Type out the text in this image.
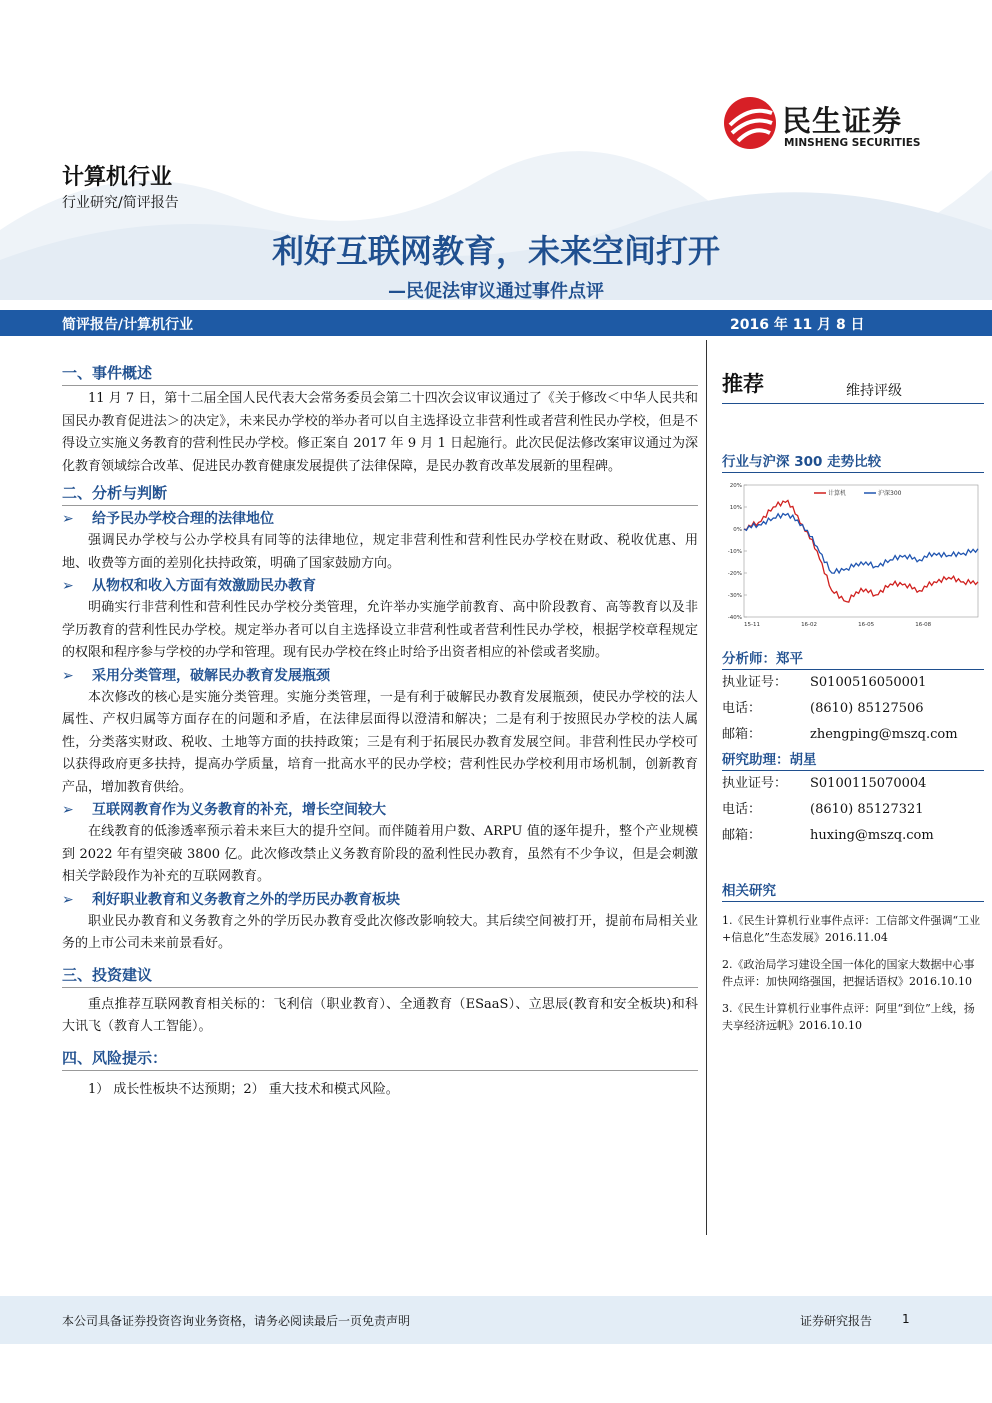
民生证券
MINSHENG SECURITIES
计算机行业
行业研究/简评报告
利好互联网教育，未来空间打开
—民促法审议通过事件点评
简评报告/计算机行业	2016 年 11 月 8 日
一、事件概述
11 月 7 日，第十二届全国人民代表大会常务委员会第二十四次会议审议通过了《关于修改＜中华人民共和国民办教育促进法＞的决定》，未来民办学校的举办者可以自主选择设立非营利性或者营利性民办学校，但是不得设立实施义务教育的营利性民办学校。修正案自 2017 年 9 月 1 日起施行。此次民促法修改案审议通过为深化教育领域综合改革、促进民办教育健康发展提供了法律保障，是民办教育改革发展新的里程碑。
二、分析与判断
➢ 给予民办学校合理的法律地位
强调民办学校与公办学校具有同等的法律地位，规定非营利性和营利性民办学校在财政、税收优惠、用地、收费等方面的差别化扶持政策，明确了国家鼓励方向。
➢ 从物权和收入方面有效激励民办教育
明确实行非营利性和营利性民办学校分类管理，允许举办实施学前教育、高中阶段教育、高等教育以及非学历教育的营利性民办学校。规定举办者可以自主选择设立非营利性或者营利性民办学校，根据学校章程规定的权限和程序参与学校的办学和管理。现有民办学校在终止时给予出资者相应的补偿或者奖励。
➢ 采用分类管理，破解民办教育发展瓶颈
本次修改的核心是实施分类管理。实施分类管理，一是有利于破解民办教育发展瓶颈，使民办学校的法人属性、产权归属等方面存在的问题和矛盾，在法律层面得以澄清和解决；二是有利于按照民办学校的法人属性，分类落实财政、税收、土地等方面的扶持政策；三是有利于拓展民办教育发展空间。非营利性民办学校可以获得政府更多扶持，提高办学质量，培育一批高水平的民办学校；营利性民办学校利用市场机制，创新教育产品，增加教育供给。
➢ 互联网教育作为义务教育的补充，增长空间较大
在线教育的低渗透率预示着未来巨大的提升空间。而伴随着用户数、ARPU 值的逐年提升，整个产业规模到 2022 年有望突破 3800 亿。此次修改禁止义务教育阶段的盈利性民办教育，虽然有不少争议，但是会刺激相关学龄段作为补充的互联网教育。
➢ 利好职业教育和义务教育之外的学历民办教育板块
职业民办教育和义务教育之外的学历民办教育受此次修改影响较大。其后续空间被打开，提前布局相关业务的上市公司未来前景看好。
三、投资建议
重点推荐互联网教育相关标的：飞利信（职业教育）、全通教育（ESaaS）、立思辰(教育和安全板块)和科大讯飞（教育人工智能）。
四、风险提示：
1） 成长性板块不达预期；2） 重大技术和模式风险。
推荐	维持评级
行业与沪深 300 走势比较
20%
10%
0%
-10%
-20%
-30%
-40%
15-11	16-02	16-05	16-08
计算机	沪深300
分析师：郑平
执业证号：	S0100516050001
电话：	(8610) 85127506
邮箱：	zhengping@mszq.com
研究助理：胡星
执业证号：	S0100115070004
电话：	(8610) 85127321
邮箱：	huxing@mszq.com
相关研究
1.《民生计算机行业事件点评：工信部文件强调“工业+信息化”生态发展》2016.11.04
2.《政治局学习建设全国一体化的国家大数据中心事件点评：加快网络强国，把握话语权》2016.10.10
3.《民生计算机行业事件点评：阿里“到位”上线，扬夫享经济远帆》2016.10.10
本公司具备证券投资咨询业务资格，请务必阅读最后一页免责声明	证券研究报告 1
